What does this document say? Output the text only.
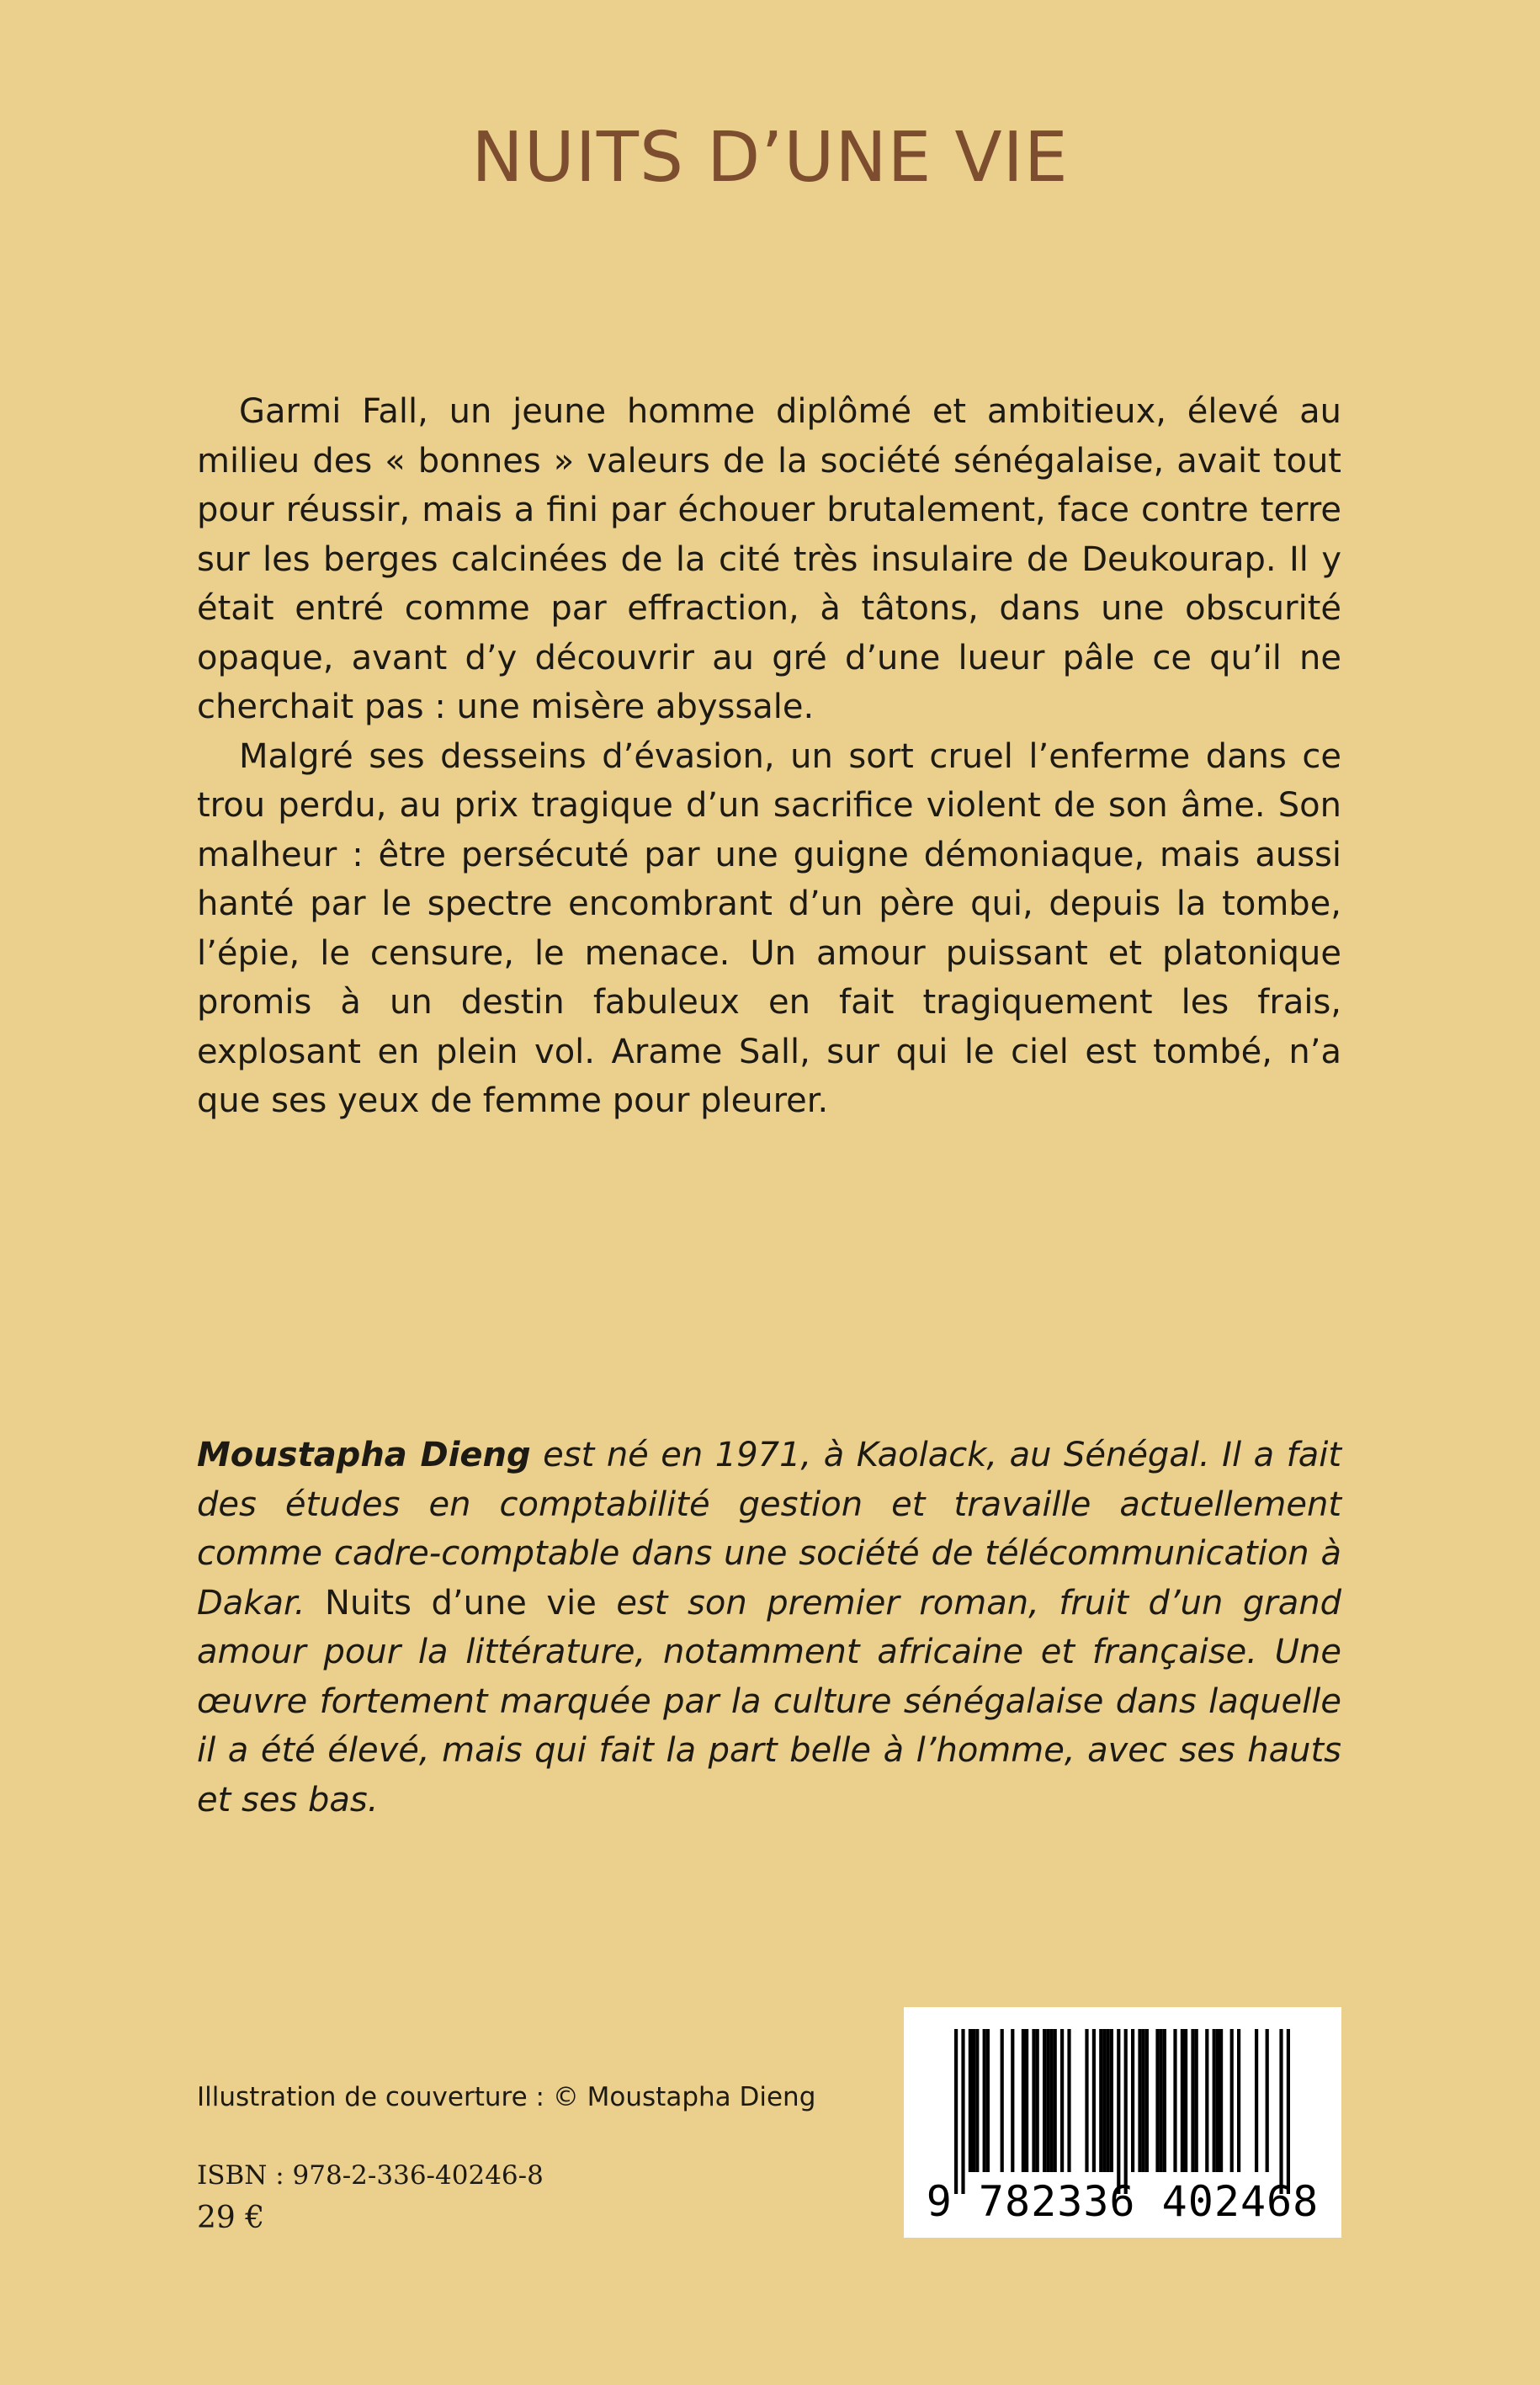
NUITS D’UNE VIE

Garmi Fall, un jeune homme diplômé et ambitieux, élevé au milieu des « bonnes » valeurs de la société sénégalaise, avait tout pour réussir, mais a fini par échouer brutalement, face contre terre sur les berges calcinées de la cité très insulaire de Deukourap. Il y était entré comme par effraction, à tâtons, dans une obscurité opaque, avant d’y découvrir au gré d’une lueur pâle ce qu’il ne cherchait pas : une misère abyssale.

Malgré ses desseins d’évasion, un sort cruel l’enferme dans ce trou perdu, au prix tragique d’un sacrifice violent de son âme. Son malheur : être persécuté par une guigne démoniaque, mais aussi hanté par le spectre encombrant d’un père qui, depuis la tombe, l’épie, le censure, le menace. Un amour puissant et platonique promis à un destin fabuleux en fait tragiquement les frais, explosant en plein vol. Arame Sall, sur qui le ciel est tombé, n’a que ses yeux de femme pour pleurer.

Moustapha Dieng est né en 1971, à Kaolack, au Sénégal. Il a fait des études en comptabilité gestion et travaille actuellement comme cadre-comptable dans une société de télécommunication à Dakar. Nuits d’une vie est son premier roman, fruit d’un grand amour pour la littérature, notamment africaine et française. Une œuvre fortement marquée par la culture sénégalaise dans laquelle il a été élevé, mais qui fait la part belle à l’homme, avec ses hauts et ses bas.

Illustration de couverture : © Moustapha Dieng

ISBN : 978-2-336-40246-8

29 €	9 782336 402468
